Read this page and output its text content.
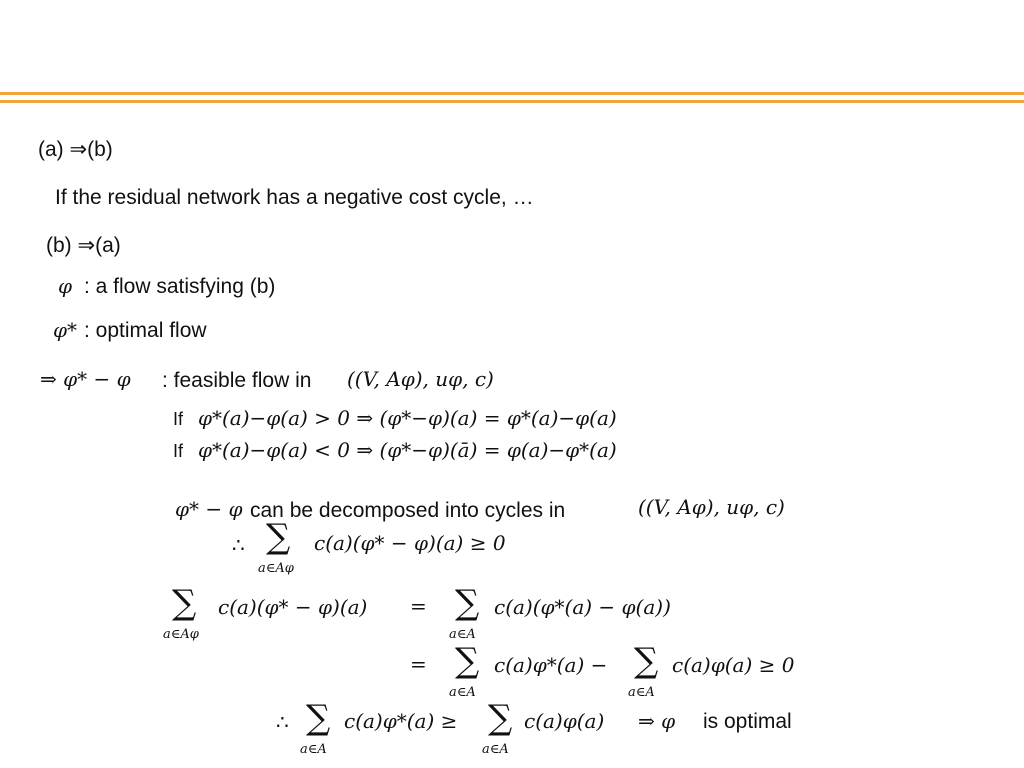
(a) ⇒(b)
If the residual network has a negative cost cycle, …
(b) ⇒(a)
φ : a flow satisfying (b)
φ* : optimal flow
⇒ φ* − φ : feasible flow in ((V, Aφ), uφ, c)
If φ*(a)−φ(a) > 0 ⇒ (φ*−φ)(a) = φ*(a)−φ(a)
If φ*(a)−φ(a) < 0 ⇒ (φ*−φ)(ā) = φ(a)−φ*(a)
φ* − φ can be decomposed into cycles in	((V, Aφ), uφ, c)
∴ ∑
a∈Aφ
c(a)(φ* − φ)(a) ≥ 0
∑
a∈Aφ
c(a)(φ* − φ)(a) = ∑
a∈A
c(a)(φ*(a) − φ(a))
= ∑
a∈A
c(a)φ*(a) − ∑
a∈A
c(a)φ(a) ≥ 0
∴ ∑
a∈A
c(a)φ*(a) ≥ ∑
a∈A
c(a)φ(a) ⇒ φ is optimal
